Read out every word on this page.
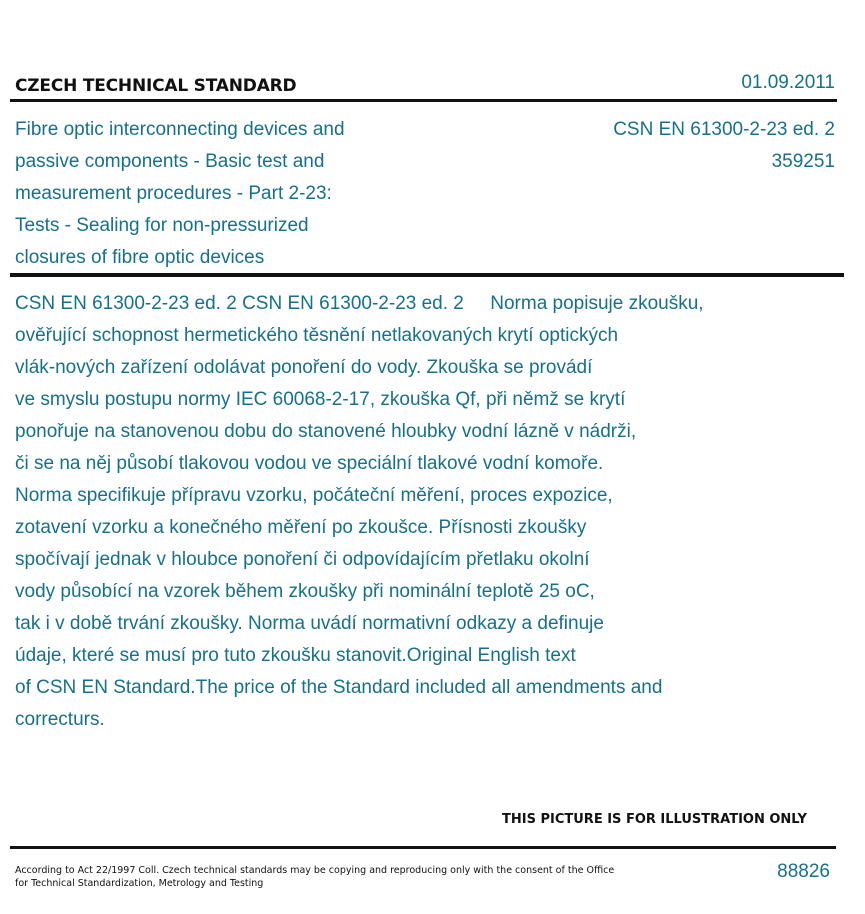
CZECH TECHNICAL STANDARD	01.09.2011
Fibre optic interconnecting devices and
passive components - Basic test and
measurement procedures - Part 2-23:
Tests - Sealing for non-pressurized
closures of fibre optic devices
CSN EN 61300-2-23 ed. 2
359251
CSN EN 61300-2-23 ed. 2 CSN EN 61300-2-23 ed. 2     Norma popisuje zkoušku,
ověřující schopnost hermetického těsnění netlakovaných krytí optických
vlák-nových zařízení odolávat ponoření do vody. Zkouška se provádí
ve smyslu postupu normy IEC 60068-2-17, zkouška Qf, při němž se krytí
ponořuje na stanovenou dobu do stanovené hloubky vodní lázně v nádrži,
či se na něj působí tlakovou vodou ve speciální tlakové vodní komoře.
Norma specifikuje přípravu vzorku, počáteční měření, proces expozice,
zotavení vzorku a konečného měření po zkoušce. Přísnosti zkoušky
spočívají jednak v hloubce ponoření či odpovídajícím přetlaku okolní
vody působící na vzorek během zkoušky při nominální teplotě 25 oC,
tak i v době trvání zkoušky. Norma uvádí normativní odkazy a definuje
údaje, které se musí pro tuto zkoušku stanovit.Original English text
of CSN EN Standard.The price of the Standard included all amendments and
correcturs.
THIS PICTURE IS FOR ILLUSTRATION ONLY
According to Act 22/1997 Coll. Czech technical standards may be copying and reproducing only with the consent of the Office
for Technical Standardization, Metrology and Testing
88826
